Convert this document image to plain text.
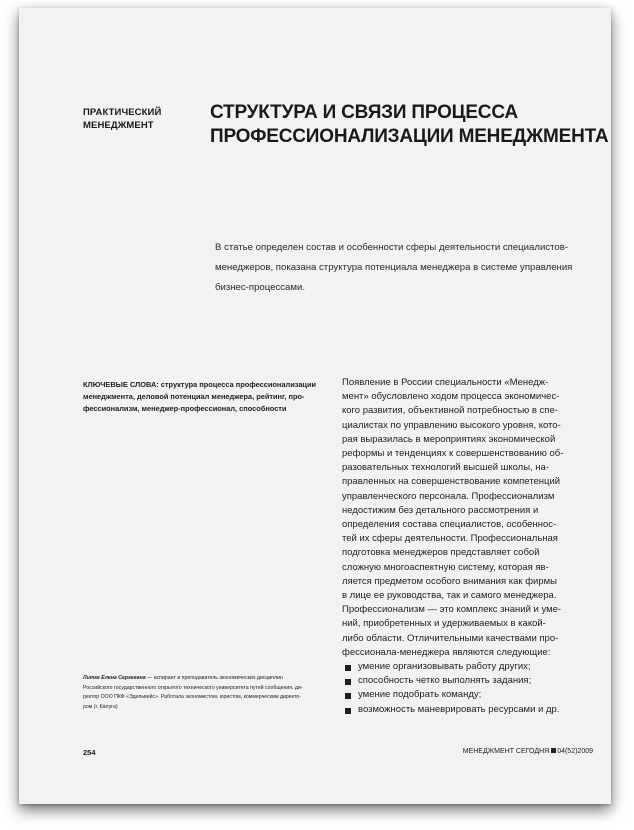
ПРАКТИЧЕСКИЙ
МЕНЕДЖМЕНТ
СТРУКТУРА И СВЯЗИ ПРОЦЕССА
ПРОФЕССИОНАЛИЗАЦИИ МЕНЕДЖМЕНТА
В статье определен состав и особенности сферы деятельности специалистов-
менеджеров, показана структура потенциала менеджера в системе управления
бизнес-процессами.
КЛЮЧЕВЫЕ СЛОВА: структура процесса профессионализации
менеджмента, деловой потенциал менеджера, рейтинг, про-
фессионализм, менеджер-профессионал, способности
Появление в России специальности «Менедж-
мент» обусловлено ходом процесса экономичес-
кого развития, объективной потребностью в спе-
циалистах по управлению высокого уровня, кото-
рая выразилась в мероприятиях экономической
реформы и тенденциях к совершенствованию об-
разовательных технологий высшей школы, на-
правленных на совершенствование компетенций
управленческого персонала. Профессионализм
недостижим без детального рассмотрения и
определения состава специалистов, особеннос-
тей их сферы деятельности. Профессиональная
подготовка менеджеров представляет собой
сложную многоаспектную систему, которая яв-
ляется предметом особого внимания как фирмы
в лице ее руководства, так и самого менеджера.
Профессионализм — это комплекс знаний и уме-
ний, приобретенных и удерживаемых в какой-
либо области. Отличительными качествами про-
фессионала-менеджера являются следующие:
умение организовывать работу других;
способность четко выполнять задания;
умение подобрать команду;
возможность маневрировать ресурсами и др.
Литке Елена Сергеевна — аспирант и преподаватель экономических дисциплин
Российского государственного открытого технического университета путей сообщения, ди-
ректор ООО ПКФ «Эдельвейс». Работала экономистом, юристом, коммерческим директо-
ром (г. Калуга)
254	МЕНЕДЖМЕНТ СЕГОДНЯ 04(52)2009
